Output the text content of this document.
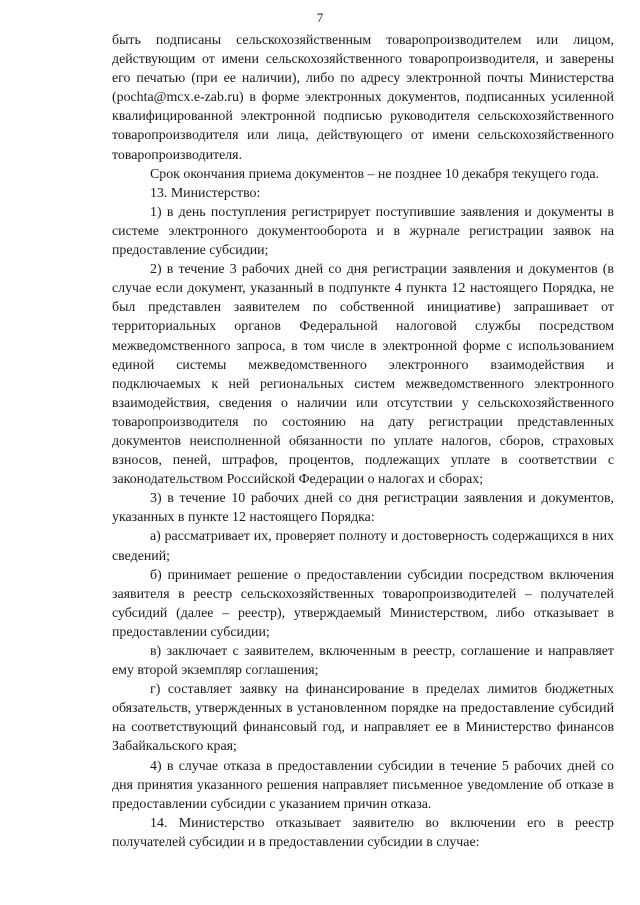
7

быть подписаны сельскохозяйственным товаропроизводителем или лицом, действующим от имени сельскохозяйственного товаропроизводителя, и заверены его печатью (при ее наличии), либо по адресу электронной почты Министерства (pochta@mcx.e-zab.ru) в форме электронных документов, подписанных усиленной квалифицированной электронной подписью руководителя сельскохозяйственного товаропроизводителя или лица, действующего от имени сельскохозяйственного товаропроизводителя.

Срок окончания приема документов – не позднее 10 декабря текущего года.

13. Министерство:

1) в день поступления регистрирует поступившие заявления и документы в системе электронного документооборота и в журнале регистрации заявок на предоставление субсидии;

2) в течение 3 рабочих дней со дня регистрации заявления и документов (в случае если документ, указанный в подпункте 4 пункта 12 настоящего Порядка, не был представлен заявителем по собственной инициативе) запрашивает от территориальных органов Федеральной налоговой службы посредством межведомственного запроса, в том числе в электронной форме с использованием единой системы межведомственного электронного взаимодействия и подключаемых к ней региональных систем межведомственного электронного взаимодействия, сведения о наличии или отсутствии у сельскохозяйственного товаропроизводителя по состоянию на дату регистрации представленных документов неисполненной обязанности по уплате налогов, сборов, страховых взносов, пеней, штрафов, процентов, подлежащих уплате в соответствии с законодательством Российской Федерации о налогах и сборах;

3) в течение 10 рабочих дней со дня регистрации заявления и документов, указанных в пункте 12 настоящего Порядка:

а) рассматривает их, проверяет полноту и достоверность содержащихся в них сведений;

б) принимает решение о предоставлении субсидии посредством включения заявителя в реестр сельскохозяйственных товаропроизводителей – получателей субсидий (далее – реестр), утверждаемый Министерством, либо отказывает в предоставлении субсидии;

в) заключает с заявителем, включенным в реестр, соглашение и направляет ему второй экземпляр соглашения;

г) составляет заявку на финансирование в пределах лимитов бюджетных обязательств, утвержденных в установленном порядке на предоставление субсидий на соответствующий финансовый год, и направляет ее в Министерство финансов Забайкальского края;

4) в случае отказа в предоставлении субсидии в течение 5 рабочих дней со дня принятия указанного решения направляет письменное уведомление об отказе в предоставлении субсидии с указанием причин отказа.

14. Министерство отказывает заявителю во включении его в реестр получателей субсидии и в предоставлении субсидии в случае:
